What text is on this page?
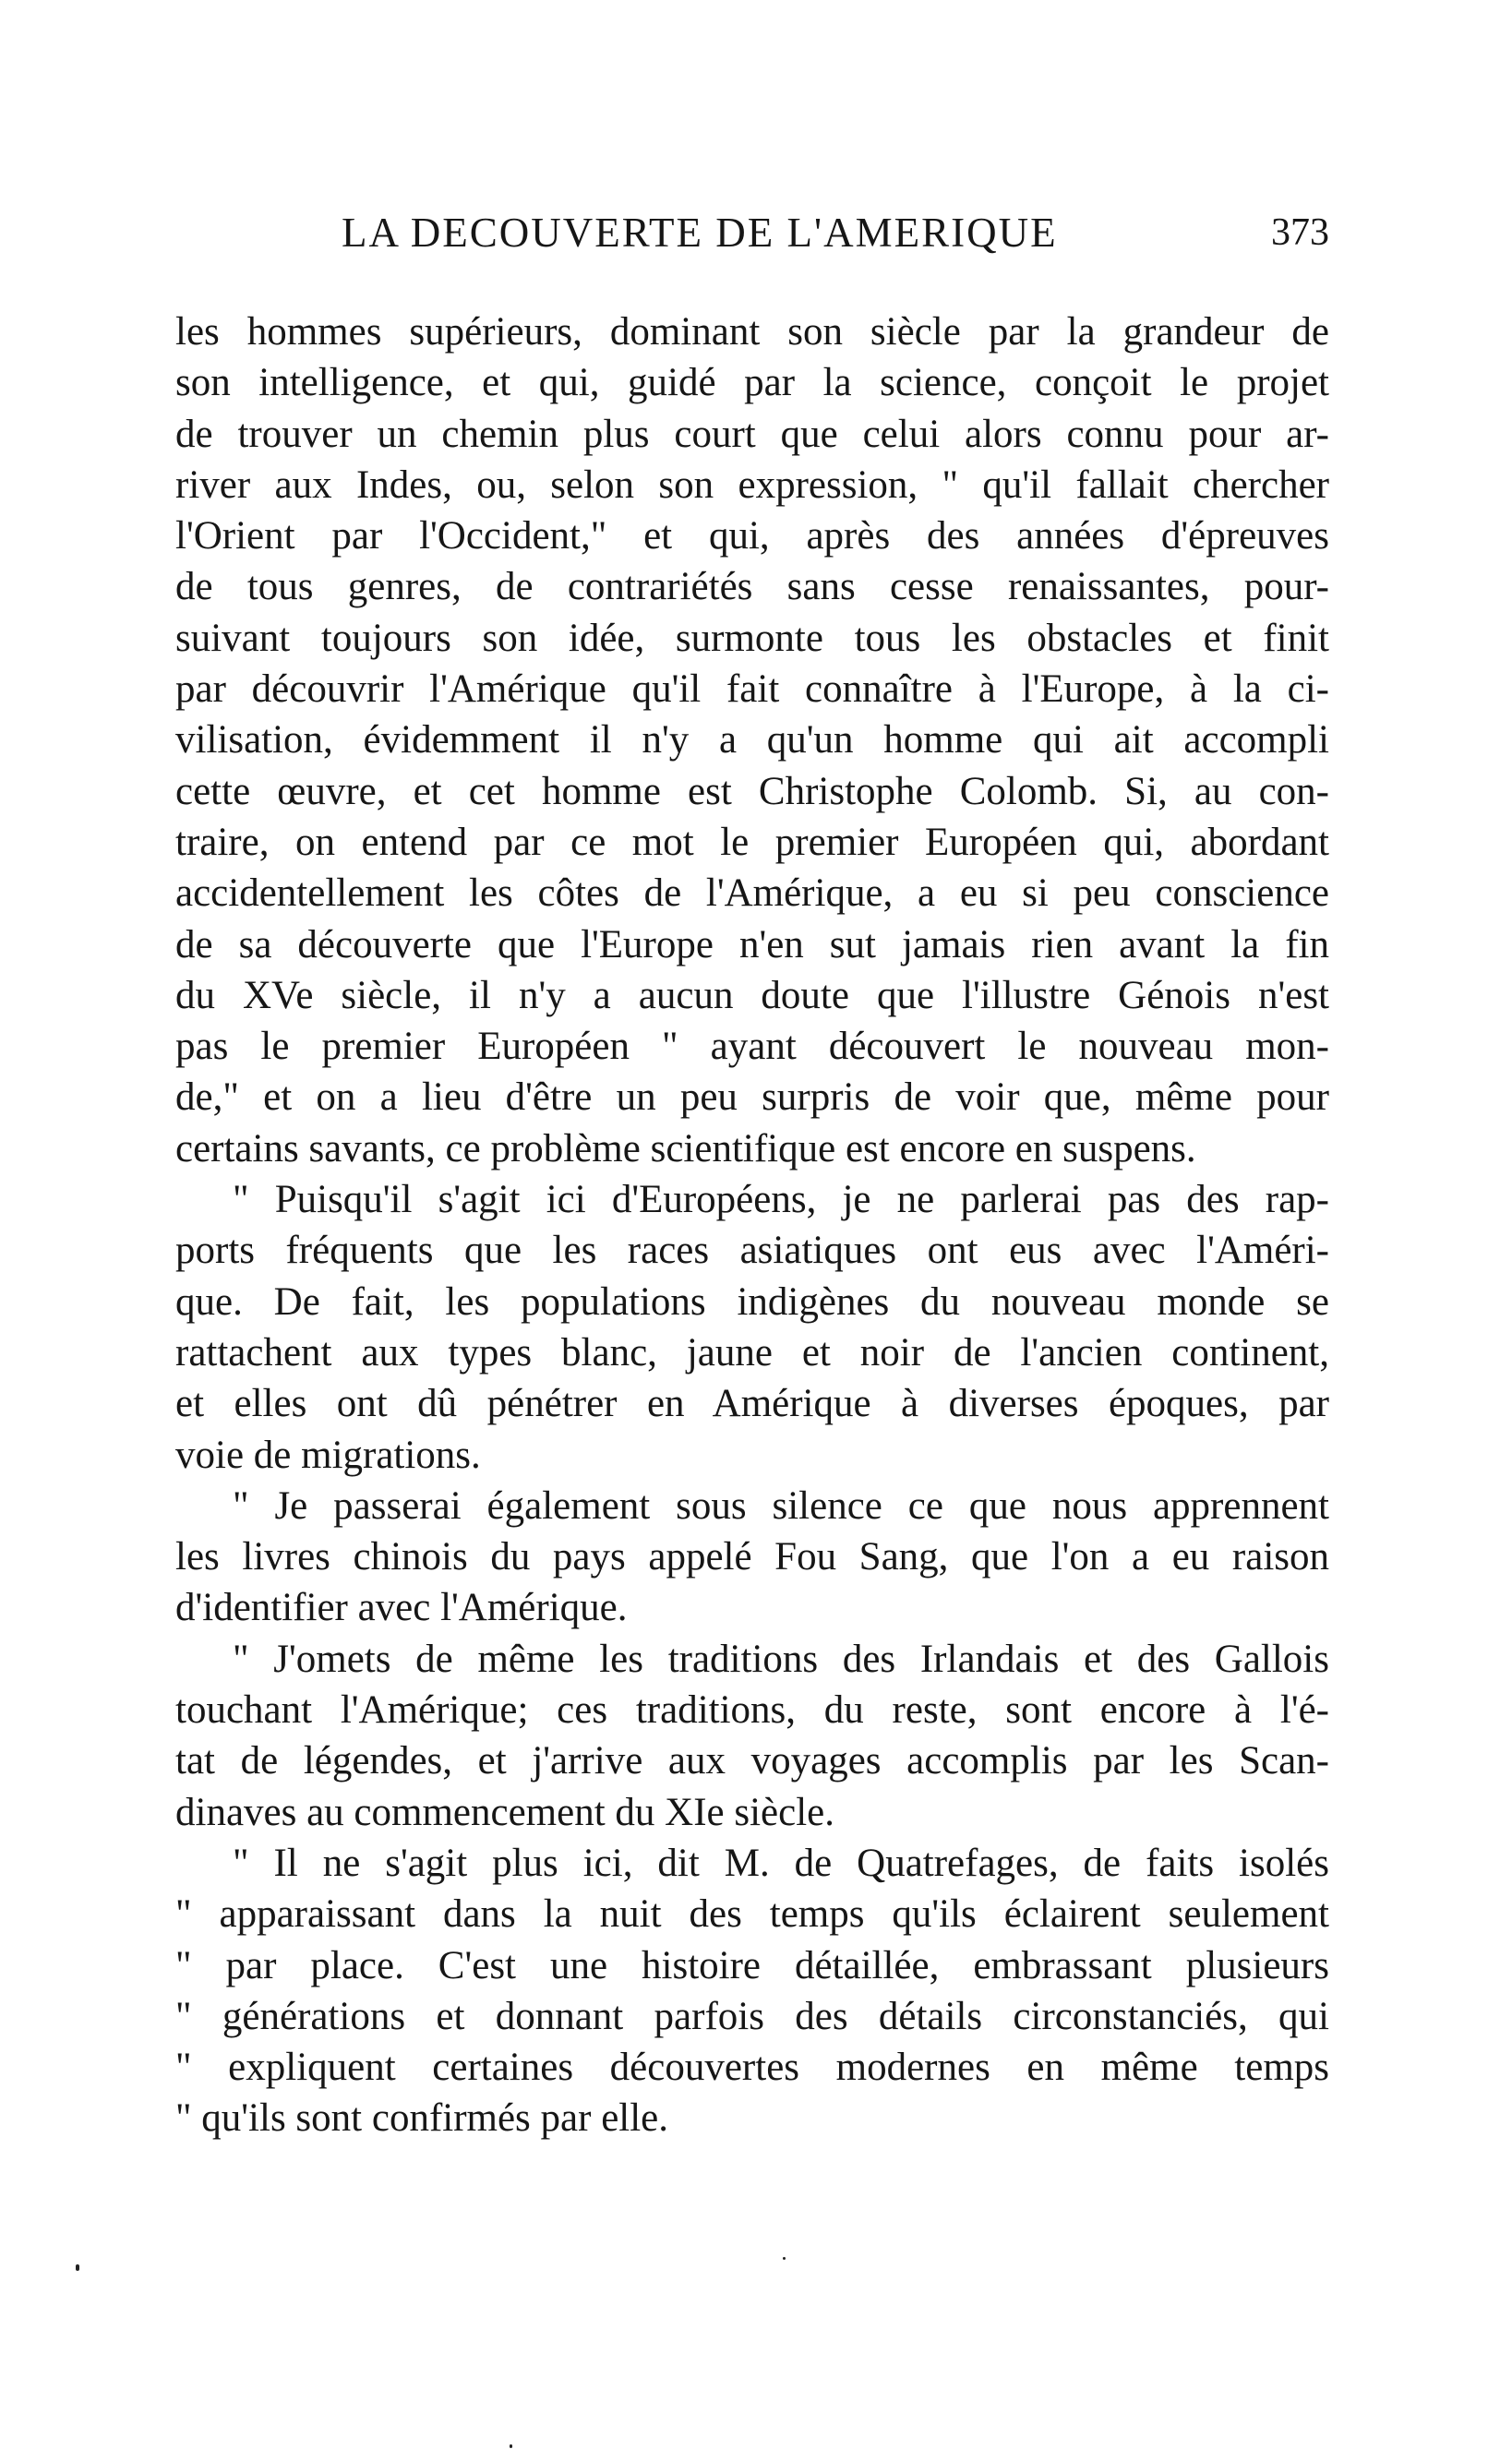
LA DECOUVERTE DE L'AMERIQUE	373
les hommes supérieurs, dominant son siècle par la grandeur de
son intelligence, et qui, guidé par la science, conçoit le projet
de trouver un chemin plus court que celui alors connu pour ar-
river aux Indes, ou, selon son expression, " qu'il fallait chercher
l'Orient par l'Occident," et qui, après des années d'épreuves
de tous genres, de contrariétés sans cesse renaissantes, pour-
suivant toujours son idée, surmonte tous les obstacles et finit
par découvrir l'Amérique qu'il fait connaître à l'Europe, à la ci-
vilisation, évidemment il n'y a qu'un homme qui ait accompli
cette œuvre, et cet homme est Christophe Colomb. Si, au con-
traire, on entend par ce mot le premier Européen qui, abordant
accidentellement les côtes de l'Amérique, a eu si peu conscience
de sa découverte que l'Europe n'en sut jamais rien avant la fin
du XVe siècle, il n'y a aucun doute que l'illustre Génois n'est
pas le premier Européen " ayant découvert le nouveau mon-
de," et on a lieu d'être un peu surpris de voir que, même pour
certains savants, ce problème scientifique est encore en suspens.
" Puisqu'il s'agit ici d'Européens, je ne parlerai pas des rap-
ports fréquents que les races asiatiques ont eus avec l'Améri-
que. De fait, les populations indigènes du nouveau monde se
rattachent aux types blanc, jaune et noir de l'ancien continent,
et elles ont dû pénétrer en Amérique à diverses époques, par
voie de migrations.
" Je passerai également sous silence ce que nous apprennent
les livres chinois du pays appelé Fou Sang, que l'on a eu raison
d'identifier avec l'Amérique.
" J'omets de même les traditions des Irlandais et des Gallois
touchant l'Amérique; ces traditions, du reste, sont encore à l'é-
tat de légendes, et j'arrive aux voyages accomplis par les Scan-
dinaves au commencement du XIe siècle.
" Il ne s'agit plus ici, dit M. de Quatrefages, de faits isolés
" apparaissant dans la nuit des temps qu'ils éclairent seulement
" par place. C'est une histoire détaillée, embrassant plusieurs
" générations et donnant parfois des détails circonstanciés, qui
" expliquent certaines découvertes modernes en même temps
" qu'ils sont confirmés par elle.
